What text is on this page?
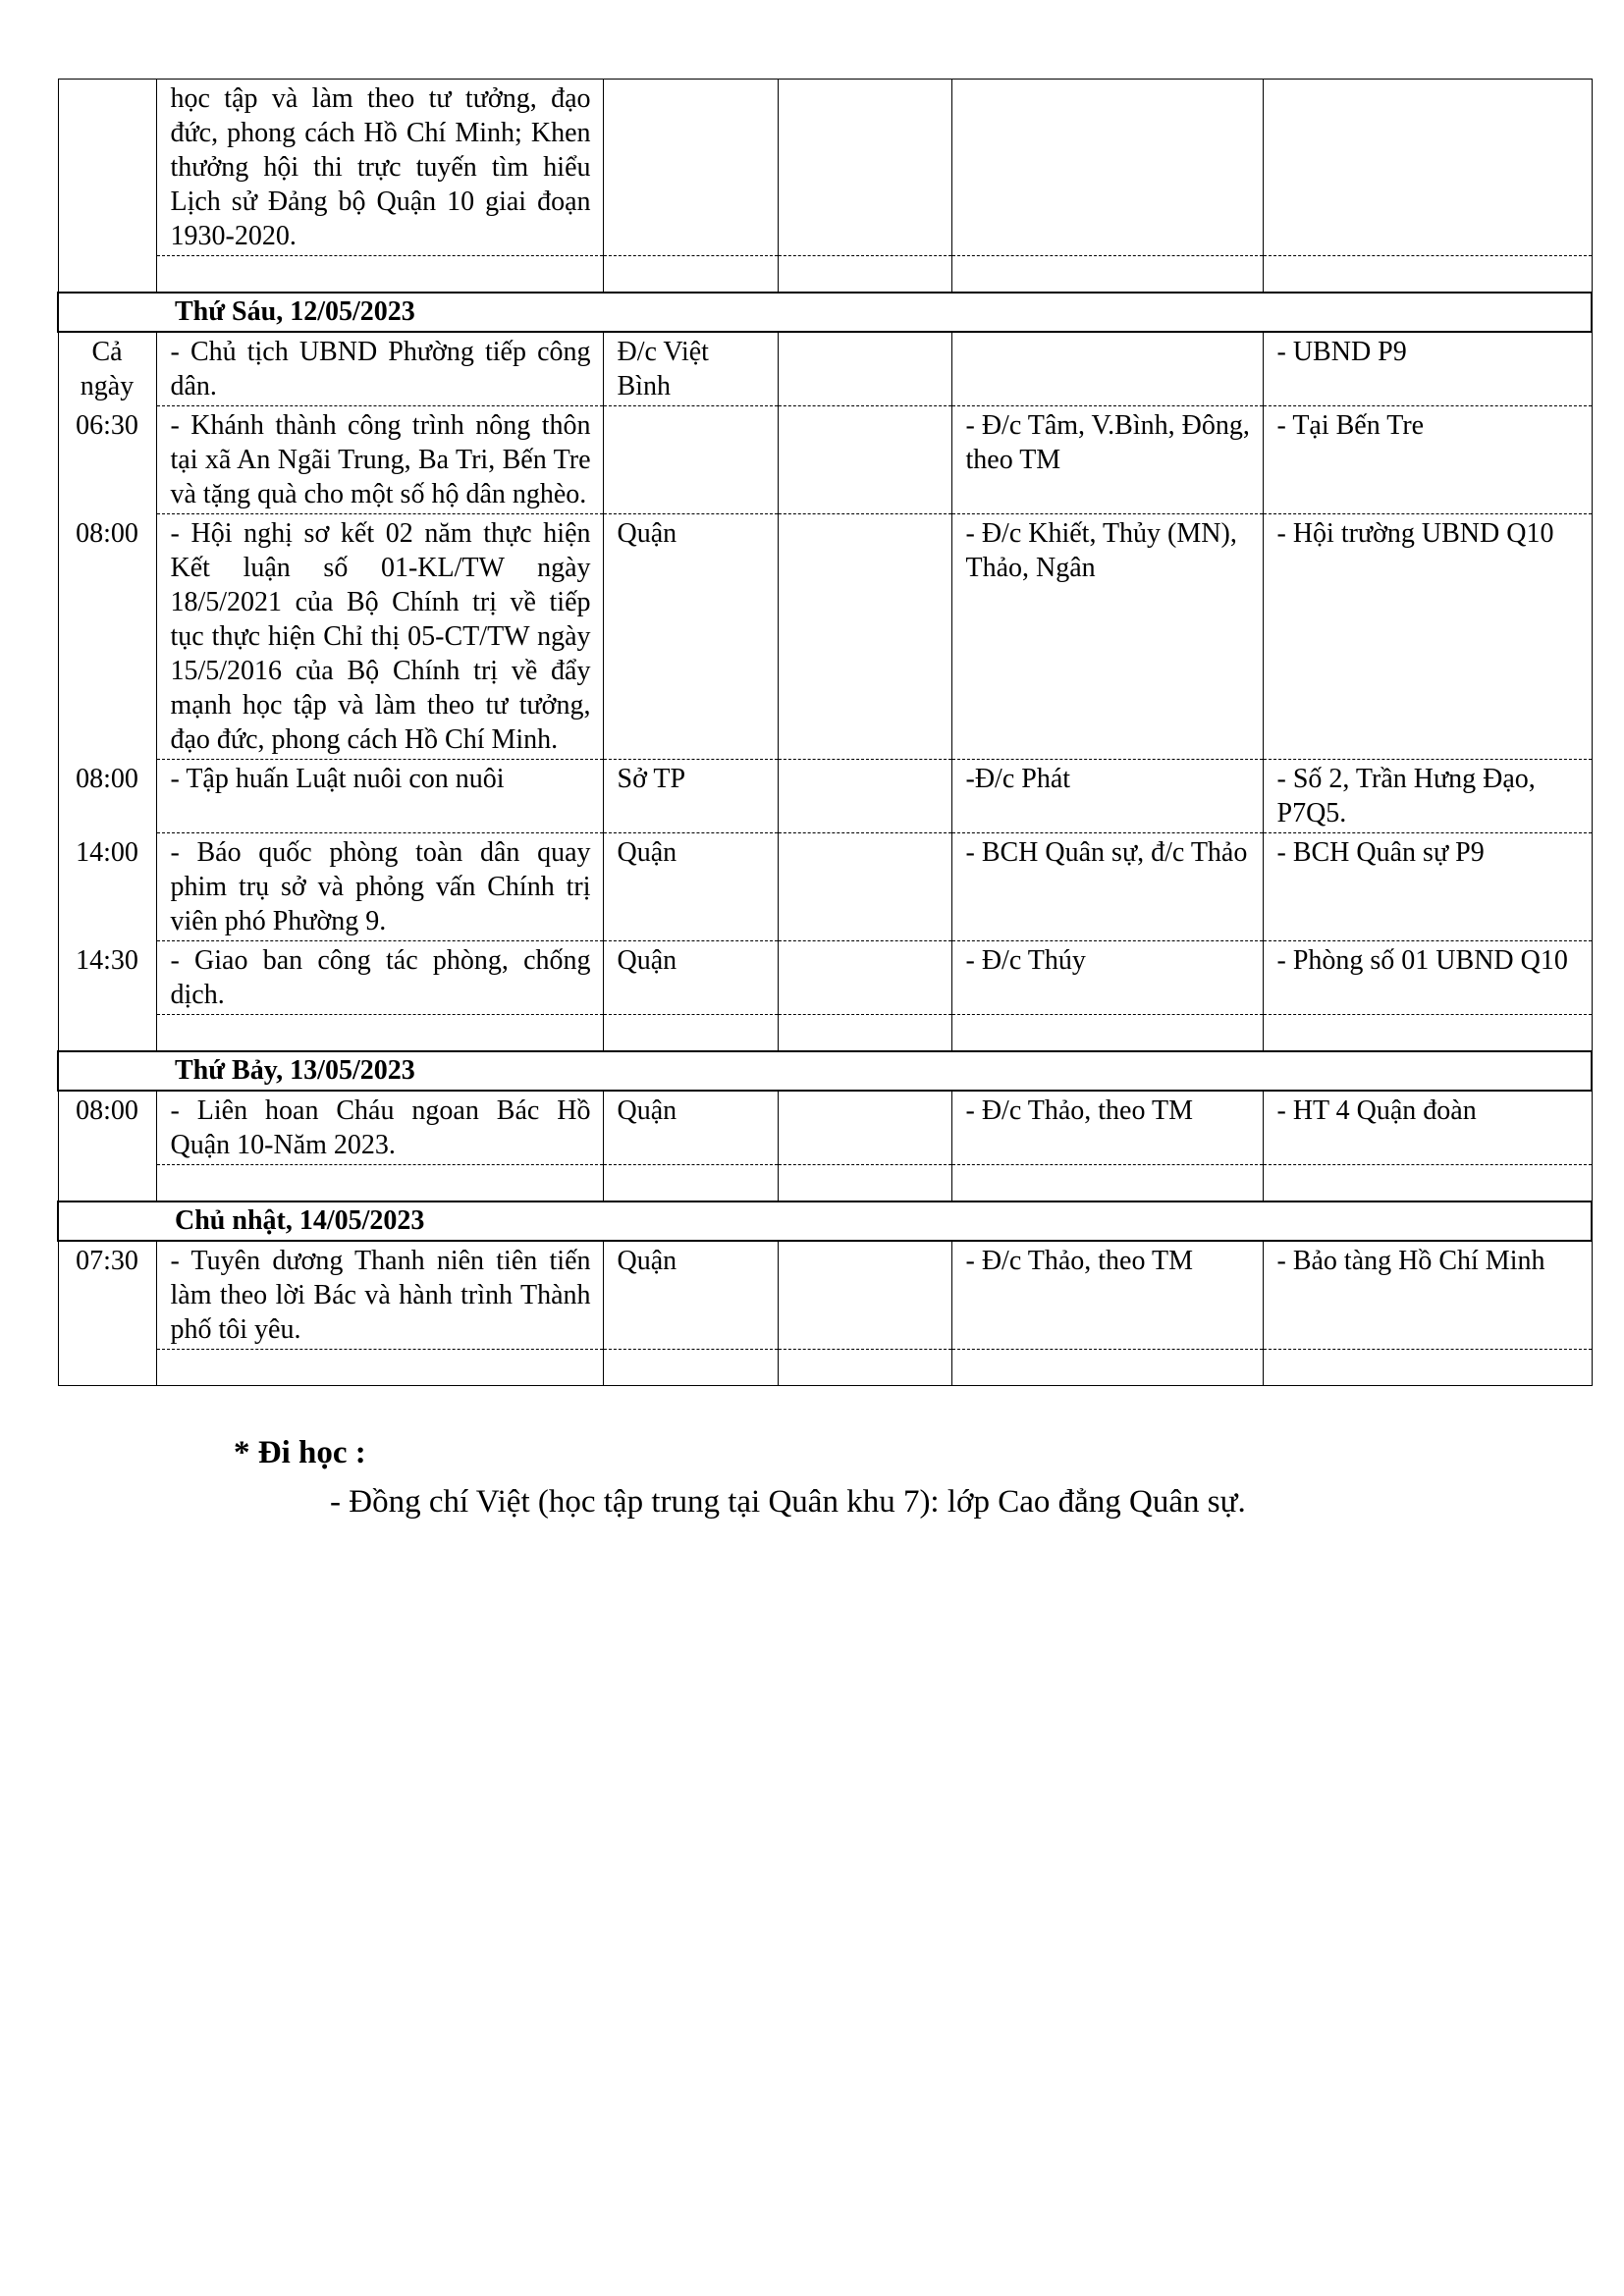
	học tập và làm theo tư tưởng, đạo đức, phong cách Hồ Chí Minh; Khen thưởng hội thi trực tuyến tìm hiểu Lịch sử Đảng bộ Quận 10 giai đoạn 1930-2020.				

Thứ Sáu, 12/05/2023					
Cả ngày	- Chủ tịch UBND Phường tiếp công dân.	Đ/c Việt Bình			- UBND P9
06:30	- Khánh thành công trình nông thôn tại xã An Ngãi Trung, Ba Tri, Bến Tre và tặng quà cho một số hộ dân nghèo.			- Đ/c Tâm, V.Bình, Đông, theo TM	- Tại Bến Tre
08:00	- Hội nghị sơ kết 02 năm thực hiện Kết luận số 01-KL/TW ngày 18/5/2021 của Bộ Chính trị về tiếp tục thực hiện Chỉ thị 05-CT/TW ngày 15/5/2016 của Bộ Chính trị về đẩy mạnh học tập và làm theo tư tưởng, đạo đức, phong cách Hồ Chí Minh.	Quận		- Đ/c Khiết, Thủy (MN), Thảo, Ngân	- Hội trường UBND Q10
08:00	- Tập huấn Luật nuôi con nuôi	Sở TP		-Đ/c Phát	- Số 2, Trần Hưng Đạo, P7Q5.
14:00	- Báo quốc phòng toàn dân quay phim trụ sở và phỏng vấn Chính trị viên phó Phường 9.	Quận		- BCH Quân sự, đ/c Thảo	- BCH Quân sự P9
14:30	- Giao ban công tác phòng, chống dịch.	Quận		- Đ/c Thúy	- Phòng số 01 UBND Q10

Thứ Bảy, 13/05/2023					
08:00	- Liên hoan Cháu ngoan Bác Hồ Quận 10-Năm 2023.	Quận		- Đ/c Thảo, theo TM	- HT 4 Quận đoàn

Chủ nhật, 14/05/2023					
07:30	- Tuyên dương Thanh niên tiên tiến làm theo lời Bác và hành trình Thành phố tôi yêu.	Quận		- Đ/c Thảo, theo TM	- Bảo tàng Hồ Chí Minh

* Đi học :
- Đồng chí Việt (học tập trung tại Quân khu 7): lớp Cao đẳng Quân sự.
